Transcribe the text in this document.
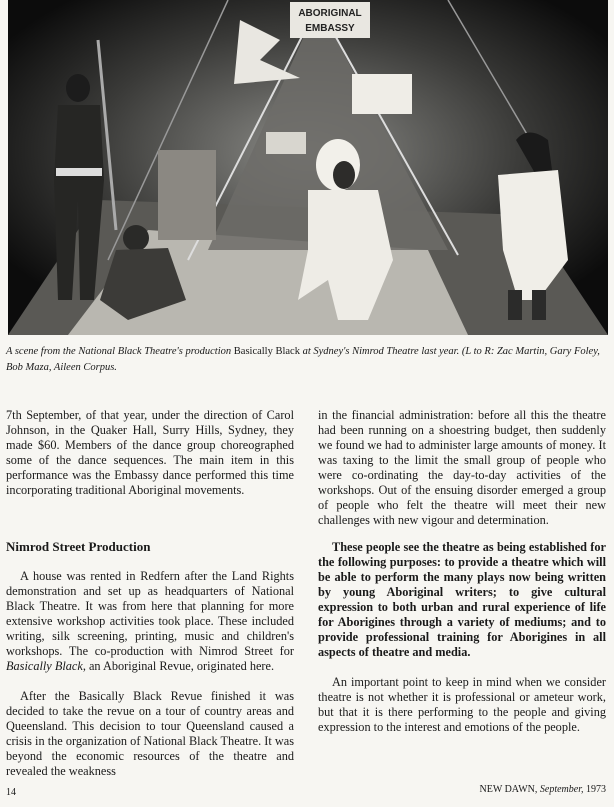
ABORIGINAL
EMBASSY
A scene from the National Black Theatre's production Basically Black at Sydney's Nimrod Theatre last year. (L to R: Zac Martin, Gary Foley, Bob Maza, Aileen Corpus.

7th September, of that year, under the direction of Carol Johnson, in the Quaker Hall, Surry Hills, Sydney, they made $60. Members of the dance group choreographed some of the dance sequences. The main item in this performance was the Embassy dance performed this time incorporating traditional Aboriginal movements.

Nimrod Street Production

A house was rented in Redfern after the Land Rights demonstration and set up as headquarters of National Black Theatre. It was from here that planning for more extensive workshop activities took place. These included writing, silk screening, printing, music and children's workshops. The co-production with Nimrod Street for Basically Black, an Aboriginal Revue, originated here.

After the Basically Black Revue finished it was decided to take the revue on a tour of country areas and Queensland. This decision to tour Queensland caused a crisis in the organization of National Black Theatre. It was beyond the economic resources of the theatre and revealed the weakness

in the financial administration: before all this the theatre had been running on a shoestring budget, then suddenly we found we had to administer large amounts of money. It was taxing to the limit the small group of people who were co-ordinating the day-to-day activities of the workshops. Out of the ensuing disorder emerged a group of people who felt the theatre will meet their new challenges with new vigour and determination.

These people see the theatre as being established for the following purposes: to provide a theatre which will be able to perform the many plays now being written by young Aboriginal writers; to give cultural expression to both urban and rural experience of life for Aborigines through a variety of mediums; and to provide professional training for Aborigines in all aspects of theatre and media.

An important point to keep in mind when we consider theatre is not whether it is professional or ameteur work, but that it is there performing to the people and giving expression to the interest and emotions of the people.

14	NEW DAWN, September, 1973
